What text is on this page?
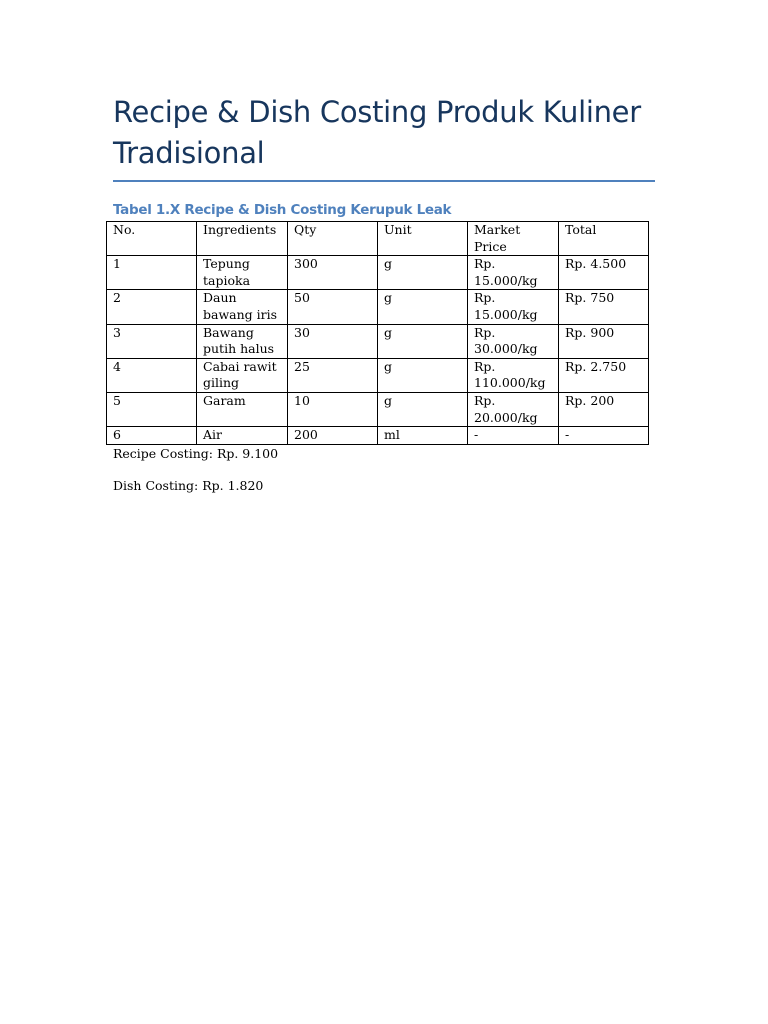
Recipe & Dish Costing Produk Kuliner Tradisional

Tabel 1.X Recipe & Dish Costing Kerupuk Leak

No.	Ingredients	Qty	Unit	Market Price	Total
1	Tepung tapioka	300	g	Rp. 15.000/kg	Rp. 4.500
2	Daun bawang iris	50	g	Rp. 15.000/kg	Rp. 750
3	Bawang putih halus	30	g	Rp. 30.000/kg	Rp. 900
4	Cabai rawit giling	25	g	Rp. 110.000/kg	Rp. 2.750
5	Garam	10	g	Rp. 20.000/kg	Rp. 200
6	Air	200	ml	-	-

Recipe Costing: Rp. 9.100

Dish Costing: Rp. 1.820
